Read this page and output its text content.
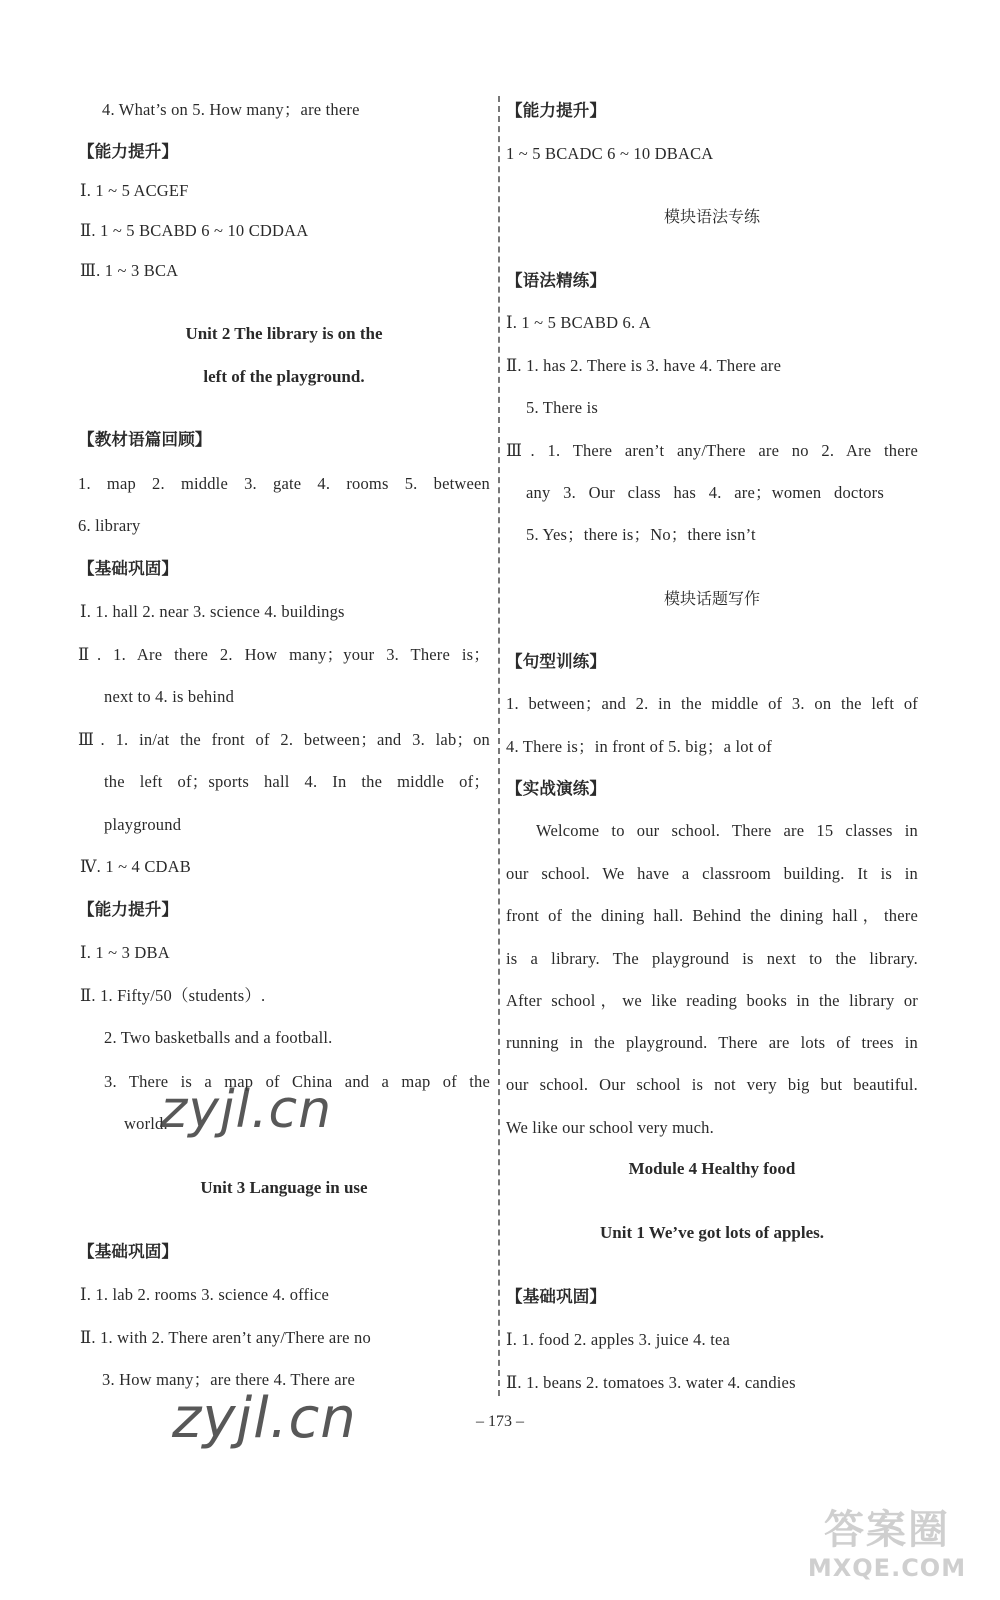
4. What’s on 5. How many；are there
【能力提升】
Ⅰ. 1 ~ 5 ACGEF
Ⅱ. 1 ~ 5 BCABD 6 ~ 10 CDDAA
Ⅲ. 1 ~ 3 BCA
Unit 2 The library is on the
left of the playground.
【教材语篇回顾】
1. map 2. middle 3. gate 4. rooms 5. between
6. library
【基础巩固】
Ⅰ. 1. hall 2. near 3. science 4. buildings
Ⅱ. 1. Are there 2. How many；your 3. There is；
next to 4. is behind
Ⅲ. 1. in/at the front of 2. between；and 3. lab；on
the left of；sports hall 4. In the middle of；
playground
Ⅳ. 1 ~ 4 CDAB
【能力提升】
Ⅰ. 1 ~ 3 DBA
Ⅱ. 1. Fifty/50（students）.
2. Two basketballs and a football.
3. There is a map of China and a map of the
world.
Unit 3 Language in use
【基础巩固】
Ⅰ. 1. lab 2. rooms 3. science 4. office
Ⅱ. 1. with 2. There aren’t any/There are no
3. How many；are there 4. There are
【能力提升】
1 ~ 5 BCADC 6 ~ 10 DBACA
模块语法专练
【语法精练】
Ⅰ. 1 ~ 5 BCABD 6. A
Ⅱ. 1. has 2. There is 3. have 4. There are
5. There is
Ⅲ. 1. There aren’t any/There are no 2. Are there
any 3. Our class has 4. are；women doctors
5. Yes；there is；No；there isn’t
模块话题写作
【句型训练】
1. between；and 2. in the middle of 3. on the left of
4. There is；in front of 5. big；a lot of
【实战演练】
Welcome to our school. There are 15 classes in
our school. We have a classroom building. It is in
front of the dining hall. Behind the dining hall，there
is a library. The playground is next to the library.
After school，we like reading books in the library or
running in the playground. There are lots of trees in
our school. Our school is not very big but beautiful.
We like our school very much.
Module 4 Healthy food
Unit 1 We’ve got lots of apples.
【基础巩固】
Ⅰ. 1. food 2. apples 3. juice 4. tea
Ⅱ. 1. beans 2. tomatoes 3. water 4. candies
zyjl.cn
zyjl.cn	– 173 –
答案圈
MXQE.COM
